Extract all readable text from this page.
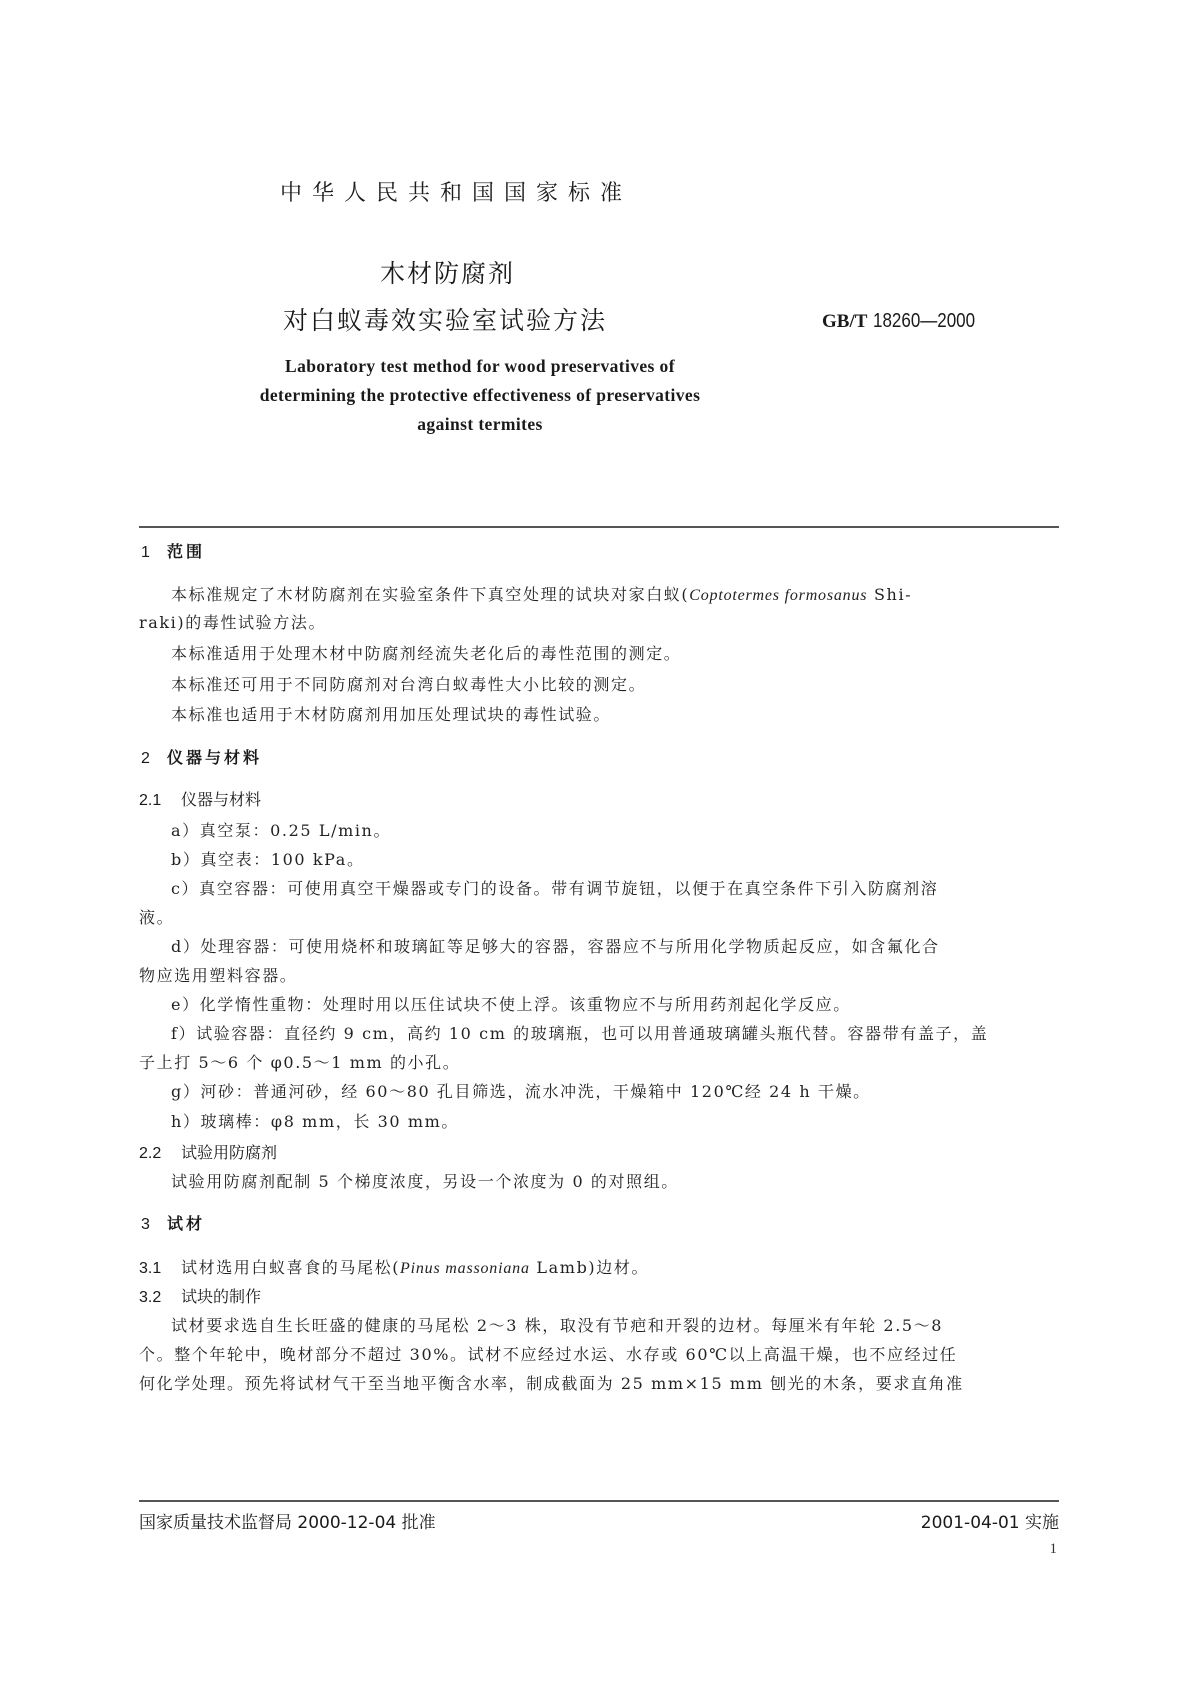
中华人民共和国国家标准
木材防腐剂
对白蚁毒效实验室试验方法	GB/T 18260—2000
Laboratory test method for wood preservatives of
determining the protective effectiveness of preservatives
against termites
1 范围
本标准规定了木材防腐剂在实验室条件下真空处理的试块对家白蚁(Coptotermes formosanus Shi-
raki)的毒性试验方法。
本标准适用于处理木材中防腐剂经流失老化后的毒性范围的测定。
本标准还可用于不同防腐剂对台湾白蚁毒性大小比较的测定。
本标准也适用于木材防腐剂用加压处理试块的毒性试验。
2 仪器与材料
2.1 仪器与材料
a）真空泵：0.25 L/min。
b）真空表：100 kPa。
c）真空容器：可使用真空干燥器或专门的设备。带有调节旋钮，以便于在真空条件下引入防腐剂溶
液。
d）处理容器：可使用烧杯和玻璃缸等足够大的容器，容器应不与所用化学物质起反应，如含氟化合
物应选用塑料容器。
e）化学惰性重物：处理时用以压住试块不使上浮。该重物应不与所用药剂起化学反应。
f）试验容器：直径约 9 cm，高约 10 cm 的玻璃瓶，也可以用普通玻璃罐头瓶代替。容器带有盖子，盖
子上打 5～6 个 φ0.5～1 mm 的小孔。
g）河砂：普通河砂，经 60～80 孔目筛选，流水冲洗，干燥箱中 120℃经 24 h 干燥。
h）玻璃棒：φ8 mm，长 30 mm。
2.2 试验用防腐剂
试验用防腐剂配制 5 个梯度浓度，另设一个浓度为 0 的对照组。
3 试材
3.1 试材选用白蚁喜食的马尾松(Pinus massoniana Lamb)边材。
3.2 试块的制作
试材要求选自生长旺盛的健康的马尾松 2～3 株，取没有节疤和开裂的边材。每厘米有年轮 2.5～8
个。整个年轮中，晚材部分不超过 30%。试材不应经过水运、水存或 60℃以上高温干燥，也不应经过任
何化学处理。预先将试材气干至当地平衡含水率，制成截面为 25 mm×15 mm 刨光的木条，要求直角准
国家质量技术监督局 2000-12-04 批准	2001-04-01 实施
1
